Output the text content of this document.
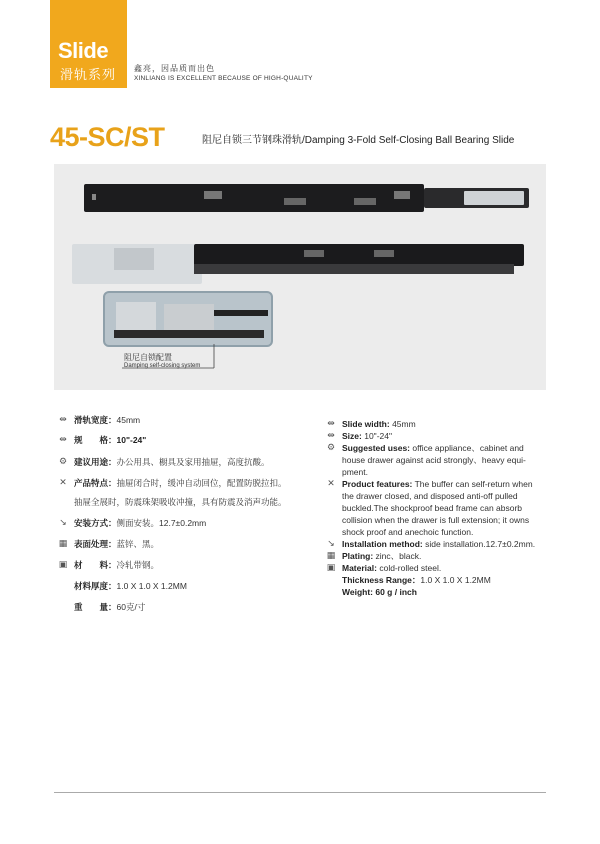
Slide
滑轨系列 鑫亮，因品质而出色
XINLIANG IS EXCELLENT BECAUSE OF HIGH-QUALITY
45-SC/ST	阻尼自锁三节钢珠滑轨/Damping 3-Fold Self-Closing Ball Bearing Slide
阻尼自锁配置
Damping self-closing system
⇹ 滑轨宽度：45mm
⇹ 规　　格：10"-24"
⚙ 建议用途：办公用具、橱具及家用抽屉，高度抗酸。
✕ 产品特点：抽屉闭合时，缓冲自动回位，配置防脱拉扣。
抽屉全展时，防震珠架吸收冲撞，具有防震及消声功能。
↘ 安装方式：侧面安装。12.7±0.2mm
▦ 表面处理：蓝锌、黑。
▣ 材　　料：冷轧带钢。
材料厚度：1.0 X 1.0 X 1.2MM
重　　量：60克/寸
⇹ Slide width: 45mm
⇹ Size: 10"-24"
⚙ Suggested uses: office appliance、cabinet and
house drawer against acid strongly、heavy equi-
pment.
✕ Product features: The buffer can self-return when
the drawer closed, and disposed anti-off pulled
buckled.The shockproof bead frame can absorb
collision when the drawer is full extension; it owns
shock proof and anechoic function.
↘ Installation method: side installation.12.7±0.2mm.
▦ Plating: zinc、black.
▣ Material: cold-rolled steel.
Thickness Range：1.0 X 1.0 X 1.2MM
Weight: 60 g / inch
